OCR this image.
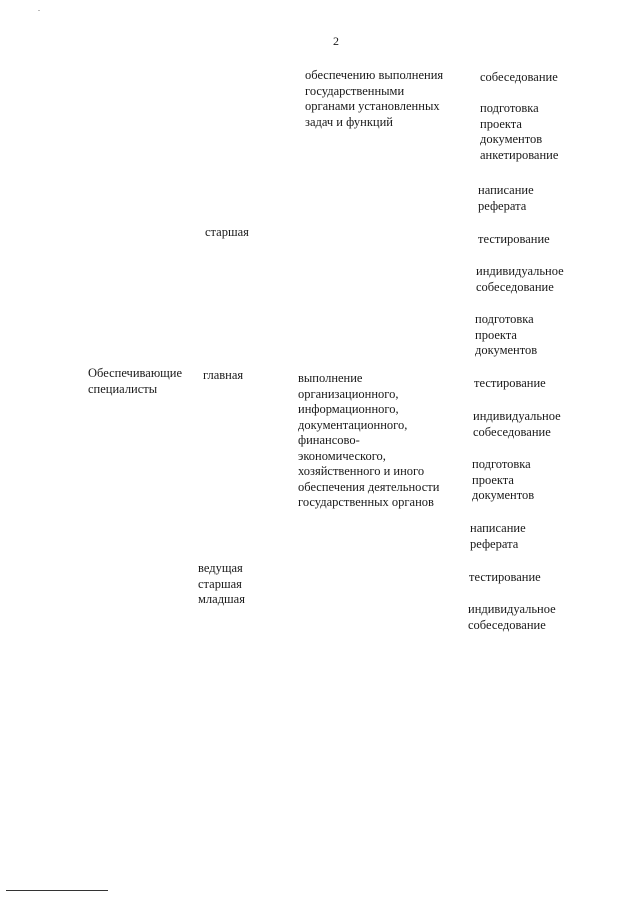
2

Обеспечивающие
специалисты

старшая

главная

ведущая
старшая
младшая

обеспечению выполнения
государственными
органами установленных
задач и функций

выполнение
организационного,
информационного,
документационного,
финансово-
экономического,
хозяйственного и иного
обеспечения деятельности
государственных органов

собеседование

подготовка
проекта
документов
анкетирование

написание
реферата

тестирование

индивидуальное
собеседование

подготовка
проекта
документов

тестирование

индивидуальное
собеседование

подготовка
проекта
документов

написание
реферата

тестирование

индивидуальное
собеседование
